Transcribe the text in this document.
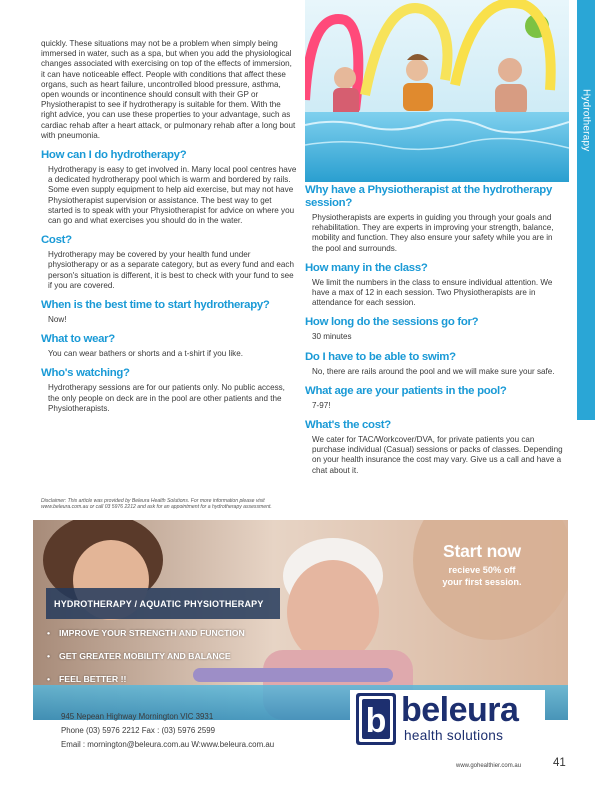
Hydrotherapy

quickly. These situations may not be a problem when simply being immersed in water, such as a spa, but when you add the physiological changes associated with exercising on top of the effects of immersion, it can have noticeable effect. People with conditions that affect these organs, such as heart failure, uncontrolled blood pressure, asthma, open wounds or incontinence should consult with their GP or Physiotherapist to see if hydrotherapy is suitable for them. With the right advice, you can use these properties to your advantage, such as cardiac rehab after a heart attack, or pulmonary rehab after a long bout with pneumonia.

How can I do hydrotherapy?

Hydrotherapy is easy to get involved in. Many local pool centres have a dedicated hydrotherapy pool which is warm and bordered by rails. Some even supply equipment to help aid exercise, but may not have Physiotherapist supervision or assistance. The best way to get started is to speak with your Physiotherapist for advice on where you can go and what exercises you should do in the water.

Cost?

Hydrotherapy may be covered by your health fund under physiotherapy or as a separate category, but as every fund and each person's situation is different, it is best to check with your fund to see if you are covered.

When is the best time to start hydrotherapy?

Now!

What to wear?

You can wear bathers or shorts and a t-shirt if you like.

Who's watching?

Hydrotherapy sessions are for our patients only. No public access, the only people on deck are in the pool are other patients and the Physiotherapists.

Why have a Physiotherapist at the hydrotherapy session?

Physiotherapists are experts in guiding you through your goals and rehabilitation. They are experts in improving your strength, balance, mobility and function. They also ensure your safety while you are in the pool and surrounds.

How many in the class?

We limit the numbers in the class to ensure individual attention. We have a max of 12 in each session. Two Physiotherapists are in attendance for each session.

How long do the sessions go for?

30 minutes

Do I have to be able to swim?

No, there are rails around the pool and we will make sure your safe.

What age are your patients in the pool?

7-97!

What's the cost?

We cater for TAC/Workcover/DVA, for private patients you can purchase individual (Casual) sessions or packs of classes. Depending on your health insurance the cost may vary. Give us a call and have a chat about it.

Disclaimer: This article was provided by Beleura Health Solutions. For more information please visit www.beleura.com.au or call 03 5976 2212 and ask for an appointment for a hydrotherapy assessment.
Start now
recieve 50% off
your first session.
HYDROTHERAPY / AQUATIC PHYSIOTHERAPY
• IMPROVE YOUR STRENGTH AND FUNCTION
• GET GREATER MOBILITY AND BALANCE
• FEEL BETTER !!
945 Nepean Highway Mornington VIC 3931
Phone (03) 5976 2212 Fax : (03) 5976 2599
Email : mornington@beleura.com.au W:www.beleura.com.au
b beleura
health solutions
www.gohealthier.com.au	41
